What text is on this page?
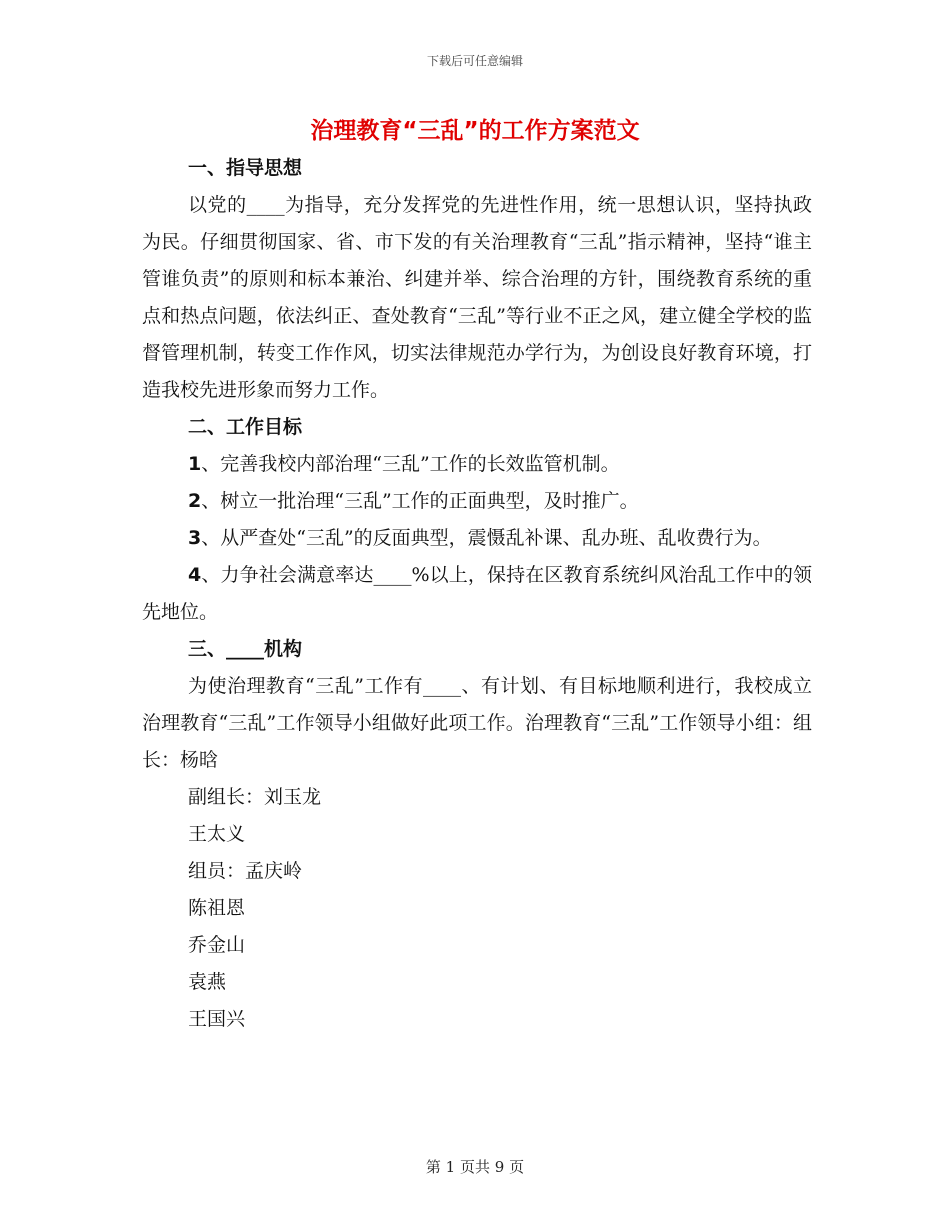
下载后可任意编辑
治理教育“三乱”的工作方案范文

一、指导思想

以党的____为指导，充分发挥党的先进性作用，统一思想认识，坚持执政为民。仔细贯彻国家、省、市下发的有关治理教育“三乱”指示精神，坚持“谁主管谁负责”的原则和标本兼治、纠建并举、综合治理的方针，围绕教育系统的重点和热点问题，依法纠正、查处教育“三乱”等行业不正之风，建立健全学校的监督管理机制，转变工作作风，切实法律规范办学行为，为创设良好教育环境，打造我校先进形象而努力工作。

二、工作目标

1、完善我校内部治理“三乱”工作的长效监管机制。

2、树立一批治理“三乱”工作的正面典型，及时推广。

3、从严查处“三乱”的反面典型，震慑乱补课、乱办班、乱收费行为。

4、力争社会满意率达____%以上，保持在区教育系统纠风治乱工作中的领先地位。

三、____机构

为使治理教育“三乱”工作有____、有计划、有目标地顺利进行，我校成立治理教育“三乱”工作领导小组做好此项工作。治理教育“三乱”工作领导小组：组长：杨晗

副组长：刘玉龙

王太义

组员：孟庆岭

陈祖恩

乔金山

袁燕

王国兴

第 1 页共 9 页
